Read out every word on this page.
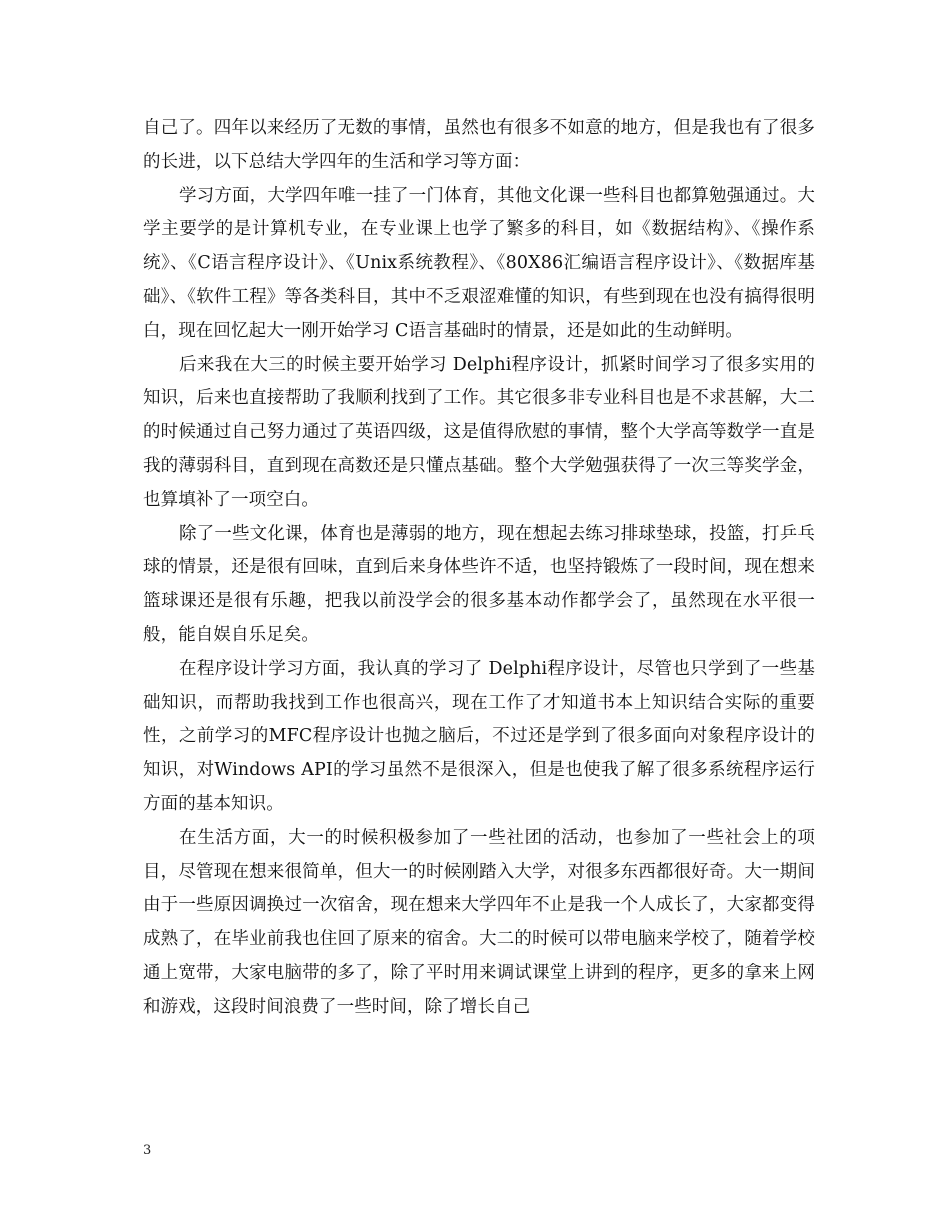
自己了。四年以来经历了无数的事情，虽然也有很多不如意的地方，但是我也有了很多的长进，以下总结大学四年的生活和学习等方面：

学习方面，大学四年唯一挂了一门体育，其他文化课一些科目也都算勉强通过。大学主要学的是计算机专业，在专业课上也学了繁多的科目，如《数据结构》、《操作系统》、《C语言程序设计》、《Unix系统教程》、《80X86汇编语言程序设计》、《数据库基础》、《软件工程》等各类科目，其中不乏艰涩难懂的知识，有些到现在也没有搞得很明白，现在回忆起大一刚开始学习 C语言基础时的情景，还是如此的生动鲜明。

后来我在大三的时候主要开始学习 Delphi程序设计，抓紧时间学习了很多实用的知识，后来也直接帮助了我顺利找到了工作。其它很多非专业科目也是不求甚解，大二的时候通过自己努力通过了英语四级，这是值得欣慰的事情，整个大学高等数学一直是我的薄弱科目，直到现在高数还是只懂点基础。整个大学勉强获得了一次三等奖学金，也算填补了一项空白。

除了一些文化课，体育也是薄弱的地方，现在想起去练习排球垫球，投篮，打乒乓球的情景，还是很有回味，直到后来身体些许不适，也坚持锻炼了一段时间，现在想来篮球课还是很有乐趣，把我以前没学会的很多基本动作都学会了，虽然现在水平很一般，能自娱自乐足矣。

在程序设计学习方面，我认真的学习了 Delphi程序设计，尽管也只学到了一些基础知识，而帮助我找到工作也很高兴，现在工作了才知道书本上知识结合实际的重要性，之前学习的MFC程序设计也抛之脑后，不过还是学到了很多面向对象程序设计的知识，对Windows API的学习虽然不是很深入，但是也使我了解了很多系统程序运行方面的基本知识。

在生活方面，大一的时候积极参加了一些社团的活动，也参加了一些社会上的项目，尽管现在想来很简单，但大一的时候刚踏入大学，对很多东西都很好奇。大一期间由于一些原因调换过一次宿舍，现在想来大学四年不止是我一个人成长了，大家都变得成熟了，在毕业前我也住回了原来的宿舍。大二的时候可以带电脑来学校了，随着学校通上宽带，大家电脑带的多了，除了平时用来调试课堂上讲到的程序，更多的拿来上网和游戏，这段时间浪费了一些时间，除了增长自己

3
